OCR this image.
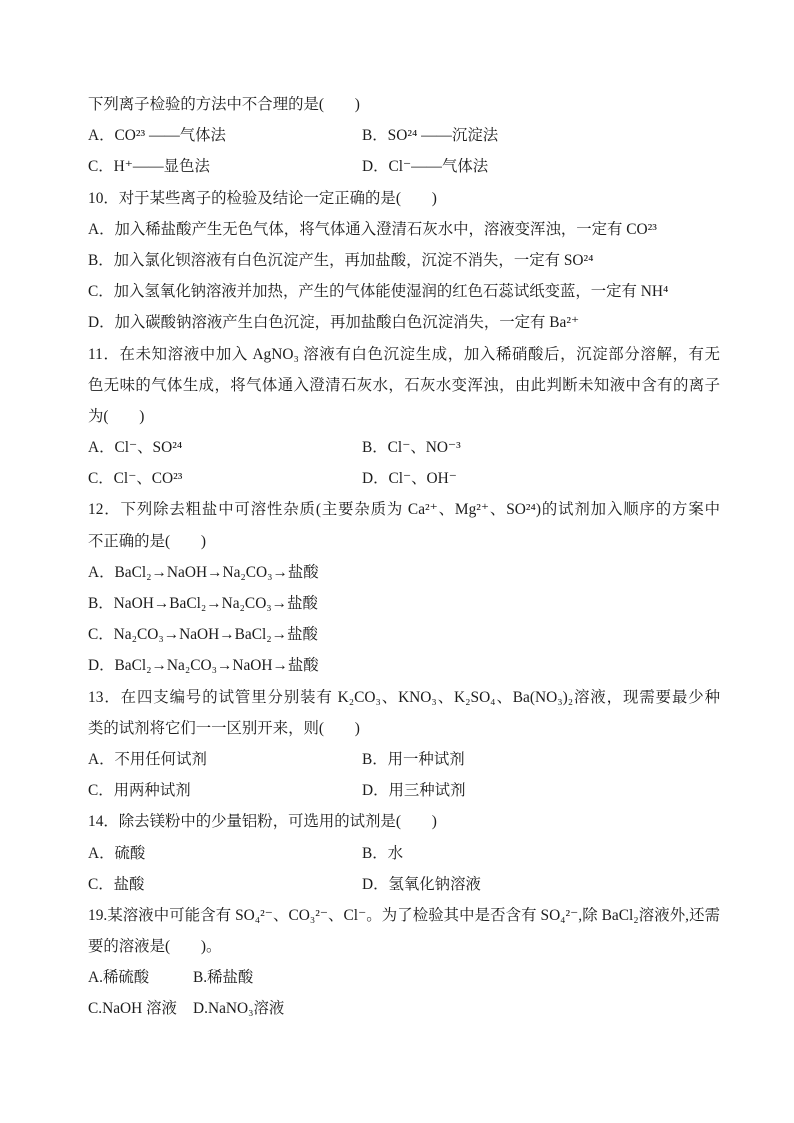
下列离子检验的方法中不合理的是(　　)
A．CO²³ ——气体法	B．SO²⁴ ——沉淀法
C．H⁺——显色法	D．Cl⁻——气体法
10．对于某些离子的检验及结论一定正确的是(　　)
A．加入稀盐酸产生无色气体，将气体通入澄清石灰水中，溶液变浑浊，一定有 CO²³
B．加入氯化钡溶液有白色沉淀产生，再加盐酸，沉淀不消失，一定有 SO²⁴
C．加入氢氧化钠溶液并加热，产生的气体能使湿润的红色石蕊试纸变蓝，一定有 NH⁴
D．加入碳酸钠溶液产生白色沉淀，再加盐酸白色沉淀消失，一定有 Ba²⁺
11．在未知溶液中加入 AgNO₃ 溶液有白色沉淀生成，加入稀硝酸后，沉淀部分溶解，有无
色无味的气体生成，将气体通入澄清石灰水，石灰水变浑浊，由此判断未知液中含有的离子
为(　　)
A．Cl⁻、SO²⁴	B．Cl⁻、NO⁻³
C．Cl⁻、CO²³	D．Cl⁻、OH⁻
12．下列除去粗盐中可溶性杂质(主要杂质为 Ca²⁺、Mg²⁺、SO²⁴)的试剂加入顺序的方案中
不正确的是(　　)
A．BaCl₂→NaOH→Na₂CO₃→盐酸
B．NaOH→BaCl₂→Na₂CO₃→盐酸
C．Na₂CO₃→NaOH→BaCl₂→盐酸
D．BaCl₂→Na₂CO₃→NaOH→盐酸
13．在四支编号的试管里分别装有 K₂CO₃、KNO₃、K₂SO₄、Ba(NO₃)₂溶液，现需要最少种
类的试剂将它们一一区别开来，则(　　)
A．不用任何试剂	B．用一种试剂
C．用两种试剂	D．用三种试剂
14．除去镁粉中的少量铝粉，可选用的试剂是(　　)
A．硫酸	B．水
C．盐酸	D．氢氧化钠溶液
19.某溶液中可能含有 SO₄²⁻、CO₃²⁻、Cl⁻。为了检验其中是否含有 SO₄²⁻,除 BaCl₂溶液外,还需
要的溶液是(　　)。
A.稀硫酸	B.稀盐酸
C.NaOH 溶液	D.NaNO₃溶液
